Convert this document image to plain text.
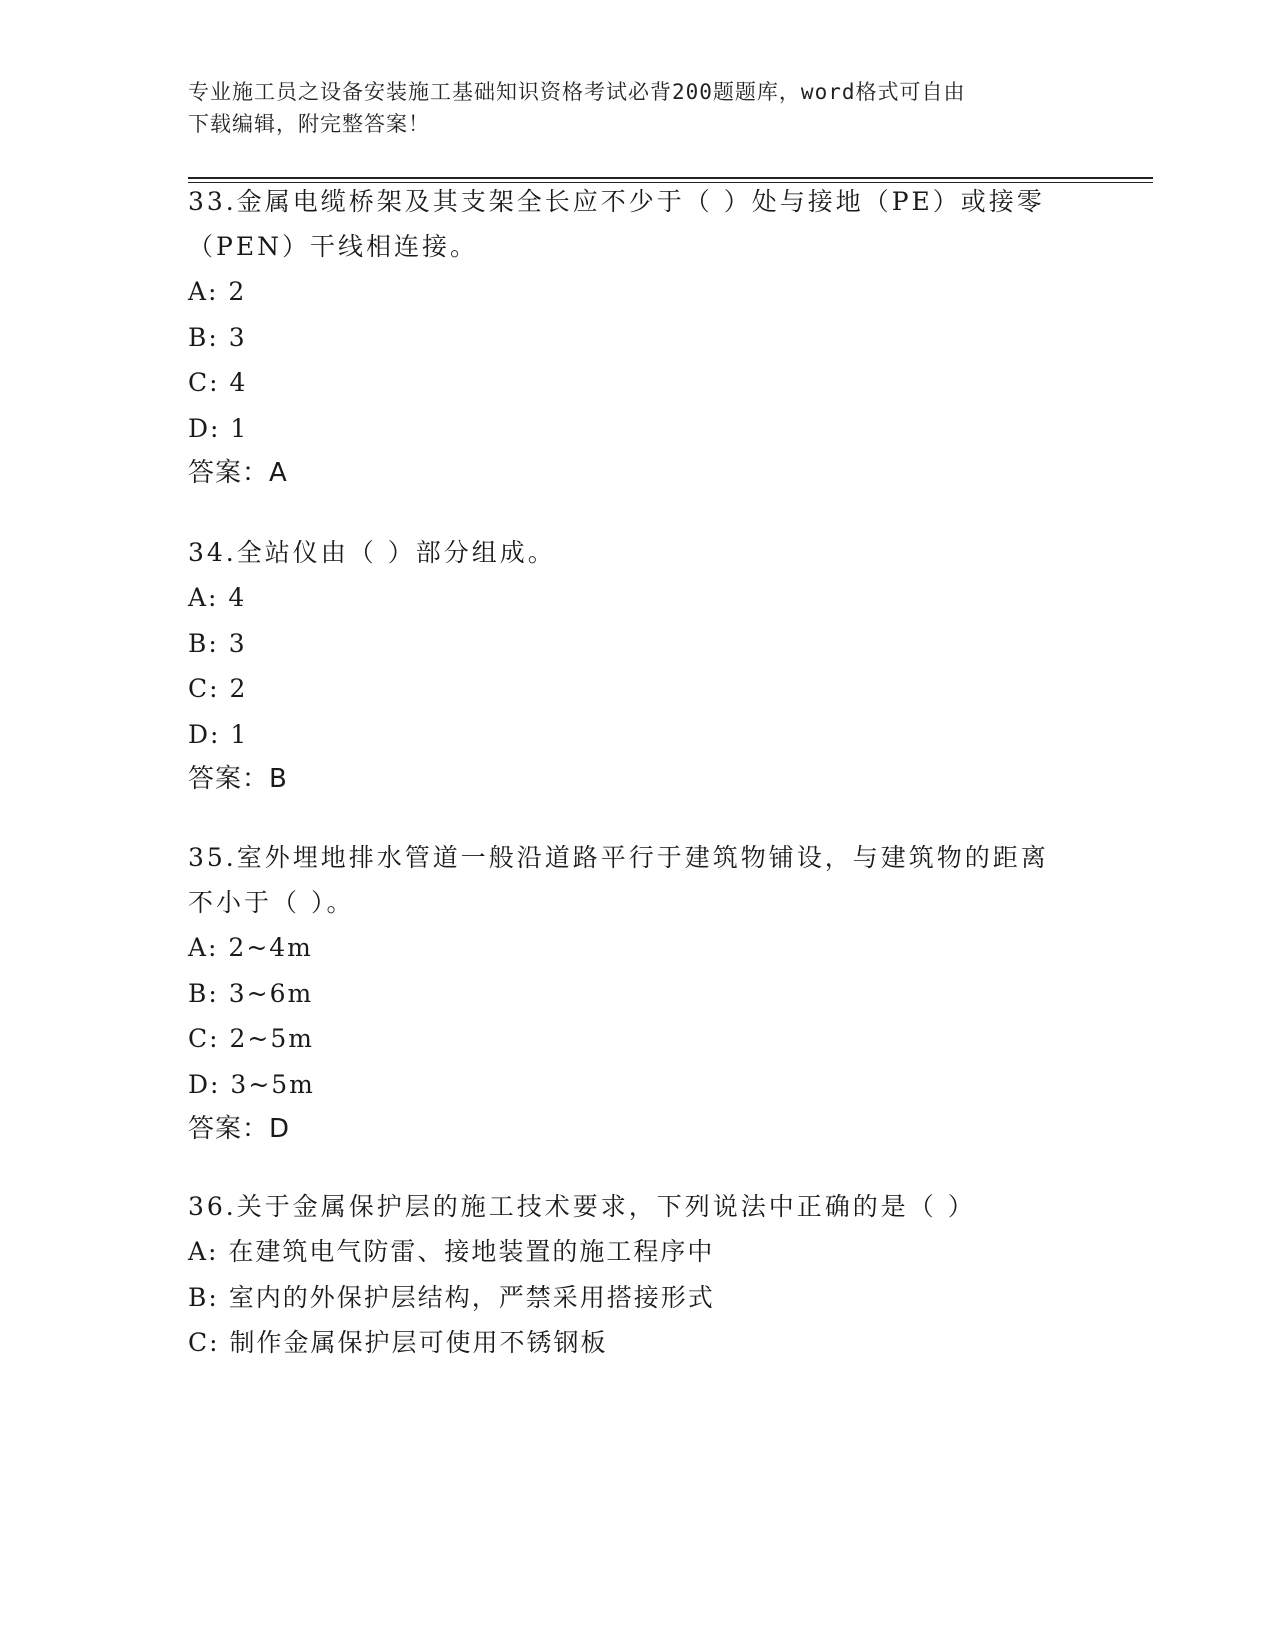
专业施工员之设备安装施工基础知识资格考试必背200题题库，word格式可自由
下载编辑，附完整答案！

33.金属电缆桥架及其支架全长应不少于（ ）处与接地（PE）或接零

（PEN）干线相连接。

A: 2

B: 3

C: 4

D: 1

答案：A

34.全站仪由（ ）部分组成。

A: 4

B: 3

C: 2

D: 1

答案：B

35.室外埋地排水管道一般沿道路平行于建筑物铺设，与建筑物的距离

不小于（ ）。

A: 2~4m

B: 3~6m

C: 2~5m

D: 3~5m

答案：D

36.关于金属保护层的施工技术要求，下列说法中正确的是（ ）

A: 在建筑电气防雷、接地装置的施工程序中

B: 室内的外保护层结构，严禁采用搭接形式

C: 制作金属保护层可使用不锈钢板
